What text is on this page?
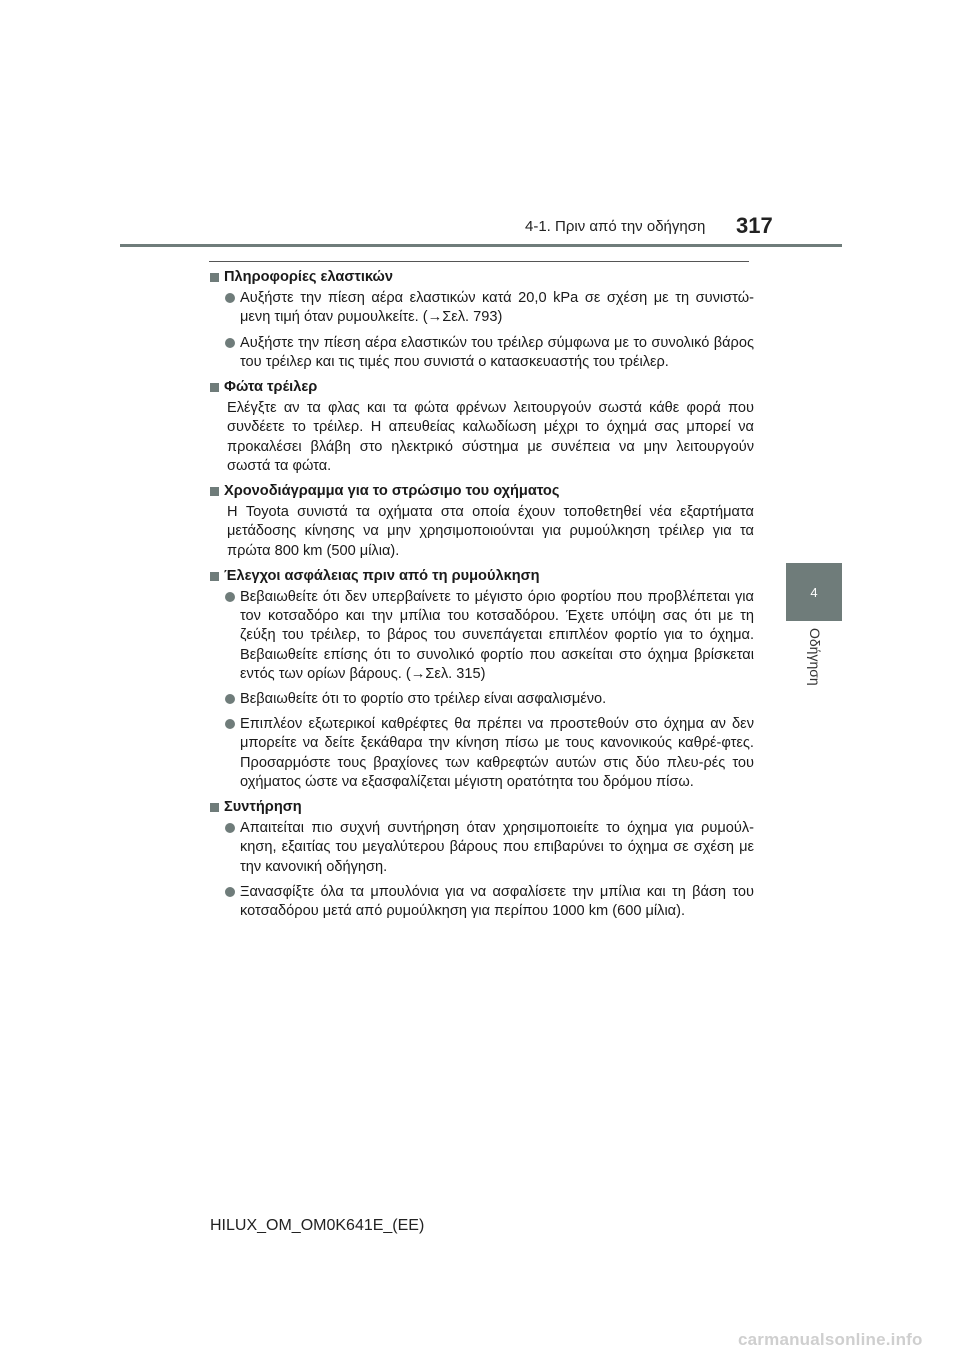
4-1. Πριν από την οδήγηση 317
4
Οδήγηση
Πληροφορίες ελαστικών
Αυξήστε την πίεση αέρα ελαστικών κατά 20,0 kPa σε σχέση με τη συνιστώ-μενη τιμή όταν ρυμουλκείτε. (→Σελ. 793)
Αυξήστε την πίεση αέρα ελαστικών του τρέιλερ σύμφωνα με το συνολικό βάρος του τρέιλερ και τις τιμές που συνιστά ο κατασκευαστής του τρέιλερ.
Φώτα τρέιλερ

Ελέγξτε αν τα φλας και τα φώτα φρένων λειτουργούν σωστά κάθε φορά που συνδέετε το τρέιλερ. Η απευθείας καλωδίωση μέχρι το όχημά σας μπορεί να προκαλέσει βλάβη στο ηλεκτρικό σύστημα με συνέπεια να μην λειτουργούν σωστά τα φώτα.

Χρονοδιάγραμμα για το στρώσιμο του οχήματος

Η Toyota συνιστά τα οχήματα στα οποία έχουν τοποθετηθεί νέα εξαρτήματα μετάδοσης κίνησης να μην χρησιμοποιούνται για ρυμούλκηση τρέιλερ για τα πρώτα 800 km (500 μίλια).

Έλεγχοι ασφάλειας πριν από τη ρυμούλκηση
Βεβαιωθείτε ότι δεν υπερβαίνετε το μέγιστο όριο φορτίου που προβλέπεται για τον κοτσαδόρο και την μπίλια του κοτσαδόρου. Έχετε υπόψη σας ότι με τη ζεύξη του τρέιλερ, το βάρος του συνεπάγεται επιπλέον φορτίο για το όχημα. Βεβαιωθείτε επίσης ότι το συνολικό φορτίο που ασκείται στο όχημα βρίσκεται εντός των ορίων βάρους. (→Σελ. 315)
Βεβαιωθείτε ότι το φορτίο στο τρέιλερ είναι ασφαλισμένο.
Επιπλέον εξωτερικοί καθρέφτες θα πρέπει να προστεθούν στο όχημα αν δεν μπορείτε να δείτε ξεκάθαρα την κίνηση πίσω με τους κανονικούς καθρέ-φτες. Προσαρμόστε τους βραχίονες των καθρεφτών αυτών στις δύο πλευ-ρές του οχήματος ώστε να εξασφαλίζεται μέγιστη ορατότητα του δρόμου πίσω.
Συντήρηση
Απαιτείται πιο συχνή συντήρηση όταν χρησιμοποιείτε το όχημα για ρυμούλ-κηση, εξαιτίας του μεγαλύτερου βάρους που επιβαρύνει το όχημα σε σχέση με την κανονική οδήγηση.
Ξανασφίξτε όλα τα μπουλόνια για να ασφαλίσετε την μπίλια και τη βάση του κοτσαδόρου μετά από ρυμούλκηση για περίπου 1000 km (600 μίλια).
HILUX_OM_OM0K641E_(EE)
carmanualsonline.info
